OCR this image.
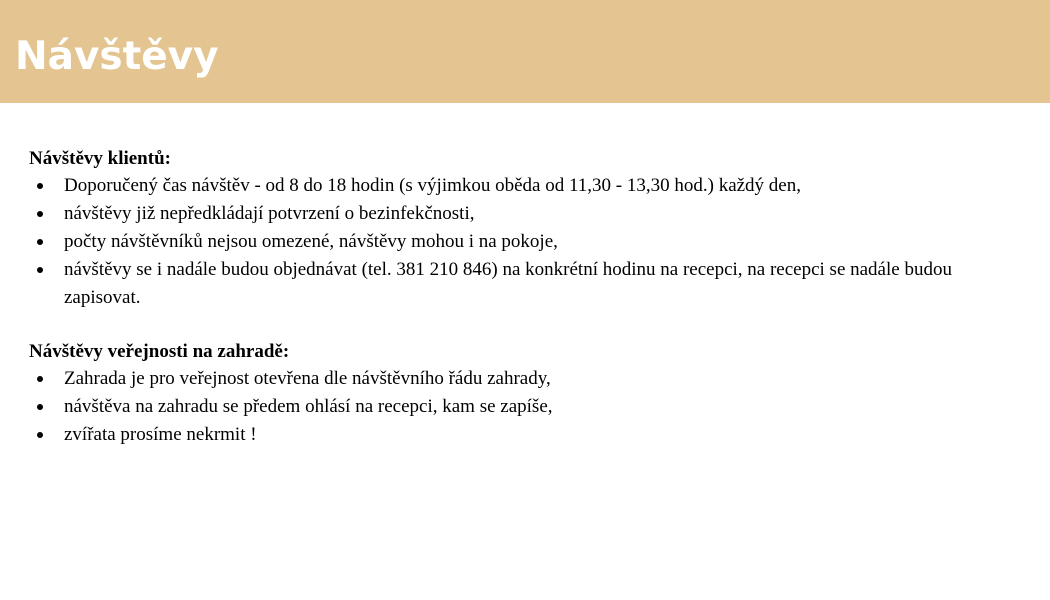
Návštěvy

Návštěvy klientů:

Doporučený čas návštěv - od 8 do 18 hodin (s výjimkou oběda od 11,30 - 13,30 hod.) každý den,
návštěvy již nepředkládají potvrzení o bezinfekčnosti,
počty návštěvníků nejsou omezené, návštěvy mohou i na pokoje,
návštěvy se i nadále budou objednávat (tel. 381 210 846) na konkrétní hodinu na recepci, na recepci se nadále budou zapisovat.

Návštěvy veřejnosti na zahradě:

Zahrada je pro veřejnost otevřena dle návštěvního řádu zahrady,
návštěva na zahradu se předem ohlásí na recepci, kam se zapíše,
zvířata prosíme nekrmit !
